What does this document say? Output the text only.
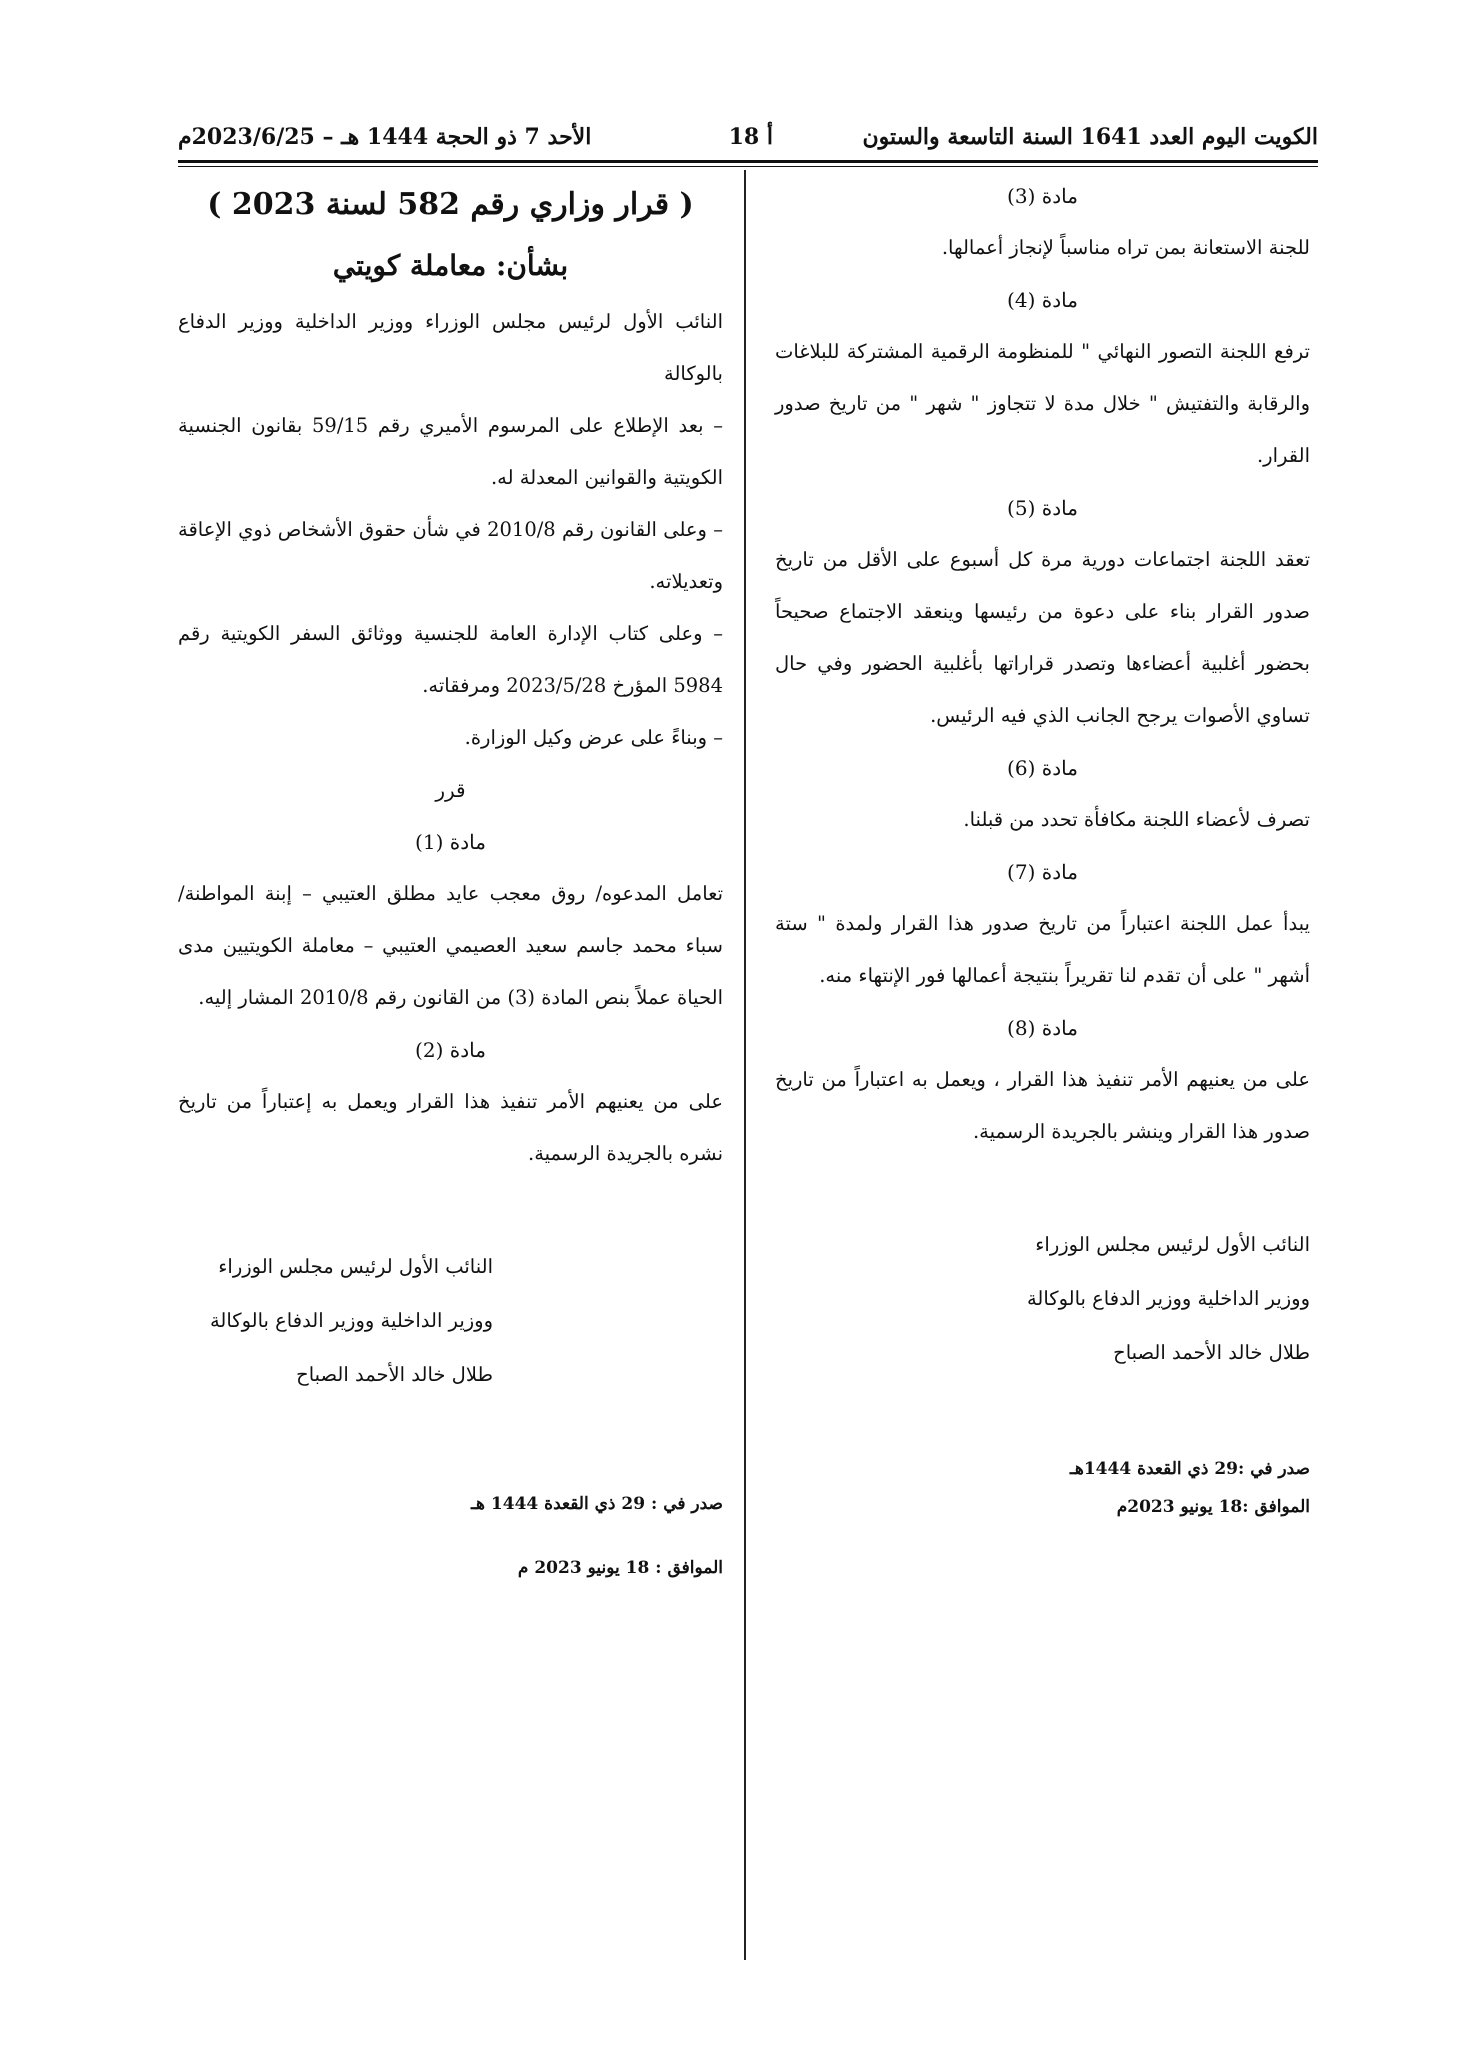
الكويت اليوم العدد 1641 السنة التاسعة والستون
أ 18
الأحد 7 ذو الحجة 1444 هـ – 2023/6/25م

مادة (3)

للجنة الاستعانة بمن تراه مناسباً لإنجاز أعمالها.

مادة (4)

ترفع اللجنة التصور النهائي " للمنظومة الرقمية المشتركة للبلاغات والرقابة والتفتيش " خلال مدة لا تتجاوز " شهر " من تاريخ صدور القرار.

مادة (5)

تعقد اللجنة اجتماعات دورية مرة كل أسبوع على الأقل من تاريخ صدور القرار بناء على دعوة من رئيسها وينعقد الاجتماع صحيحاً بحضور أغلبية أعضاءها وتصدر قراراتها بأغلبية الحضور وفي حال تساوي الأصوات يرجح الجانب الذي فيه الرئيس.

مادة (6)

تصرف لأعضاء اللجنة مكافأة تحدد من قبلنا.

مادة (7)

يبدأ عمل اللجنة اعتباراً من تاريخ صدور هذا القرار ولمدة " ستة أشهر " على أن تقدم لنا تقريراً بنتيجة أعمالها فور الإنتهاء منه.

مادة (8)

على من يعنيهم الأمر تنفيذ هذا القرار ، ويعمل به اعتباراً من تاريخ صدور هذا القرار وينشر بالجريدة الرسمية.

النائب الأول لرئيس مجلس الوزراء

ووزير الداخلية ووزير الدفاع بالوكالة

طلال خالد الأحمد الصباح

صدر في :29 ذي القعدة 1444هـ

الموافق :18 يونيو 2023م

( قرار وزاري رقم 582 لسنة 2023 )

بشأن: معاملة كويتي

النائب الأول لرئيس مجلس الوزراء ووزير الداخلية ووزير الدفاع بالوكالة

– بعد الإطلاع على المرسوم الأميري رقم 59/15 بقانون الجنسية الكويتية والقوانين المعدلة له.

– وعلى القانون رقم 2010/8 في شأن حقوق الأشخاص ذوي الإعاقة وتعديلاته.

– وعلى كتاب الإدارة العامة للجنسية ووثائق السفر الكويتية رقم 5984 المؤرخ 2023/5/28 ومرفقاته.

– وبناءً على عرض وكيل الوزارة.

قرر

مادة (1)

تعامل المدعوه/ روق معجب عايد مطلق العتيبي – إبنة المواطنة/ سباء محمد جاسم سعيد العصيمي العتيبي – معاملة الكويتيين مدى الحياة عملاً بنص المادة (3) من القانون رقم 2010/8 المشار إليه.

مادة (2)

على من يعنيهم الأمر تنفيذ هذا القرار ويعمل به إعتباراً من تاريخ نشره بالجريدة الرسمية.

النائب الأول لرئيس مجلس الوزراء

ووزير الداخلية ووزير الدفاع بالوكالة

طلال خالد الأحمد الصباح

صدر في : 29 ذي القعدة 1444 هـ

الموافق : 18 يونيو 2023 م
